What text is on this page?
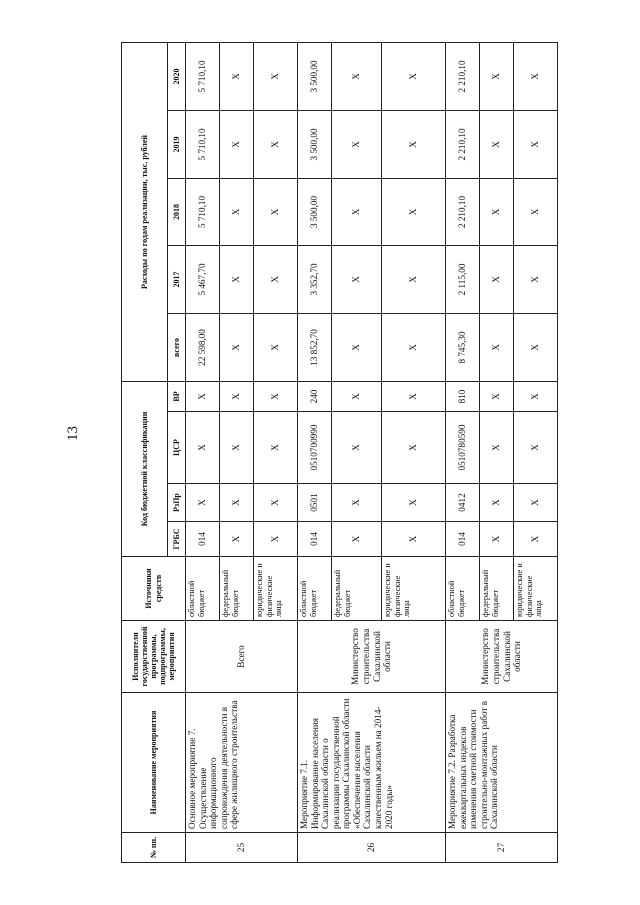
13
№ пп.	Наименование мероприятия	Исполнители государственной программы, подпрограммы, мероприятия	Источники средств	Код бюджетной классификации				Расходы по годам реализации, тыс. рублей				
				ГРБС	РзПр	ЦСР	ВР	всего	2017	2018	2019	2020
25	Основное мероприятие 7. Осуществление информационного сопровождения деятельности в сфере жилищного строительства	Всего	областной бюджет	014	Х	Х	Х	22 598,00	5 467,70	5 710,10	5 710,10	5 710,10
			федеральный бюджет	Х	Х	Х	Х	Х	Х	Х	Х	Х
			юридические и физические лица	Х	Х	Х	Х	Х	Х	Х	Х	Х
26	Мероприятие 7.1. Информирование населения Сахалинской области о реализации государственной программы Сахалинской области «Обеспечение населения Сахалинской области качественным жильем на 2014-2020 годы»	Министерство строительства Сахалинской области	областной бюджет	014	0501	0510700990	240	13 852,70	3 352,70	3 500,00	3 500,00	3 500,00
			федеральный бюджет	Х	Х	Х	Х	Х	Х	Х	Х	Х
			юридические и физические лица	Х	Х	Х	Х	Х	Х	Х	Х	Х
27	Мероприятие 7.2. Разработка ежеквартальных индексов изменения сметной стоимости строительно-монтажных работ в Сахалинской области	Министерство строительства Сахалинской области	областной бюджет	014	0412	0510780590	810	8 745,30	2 115,00	2 210,10	2 210,10	2 210,10
			федеральный бюджет	Х	Х	Х	Х	Х	Х	Х	Х	Х
			юридические и физические лица	Х	Х	Х	Х	Х	Х	Х	Х	Х
